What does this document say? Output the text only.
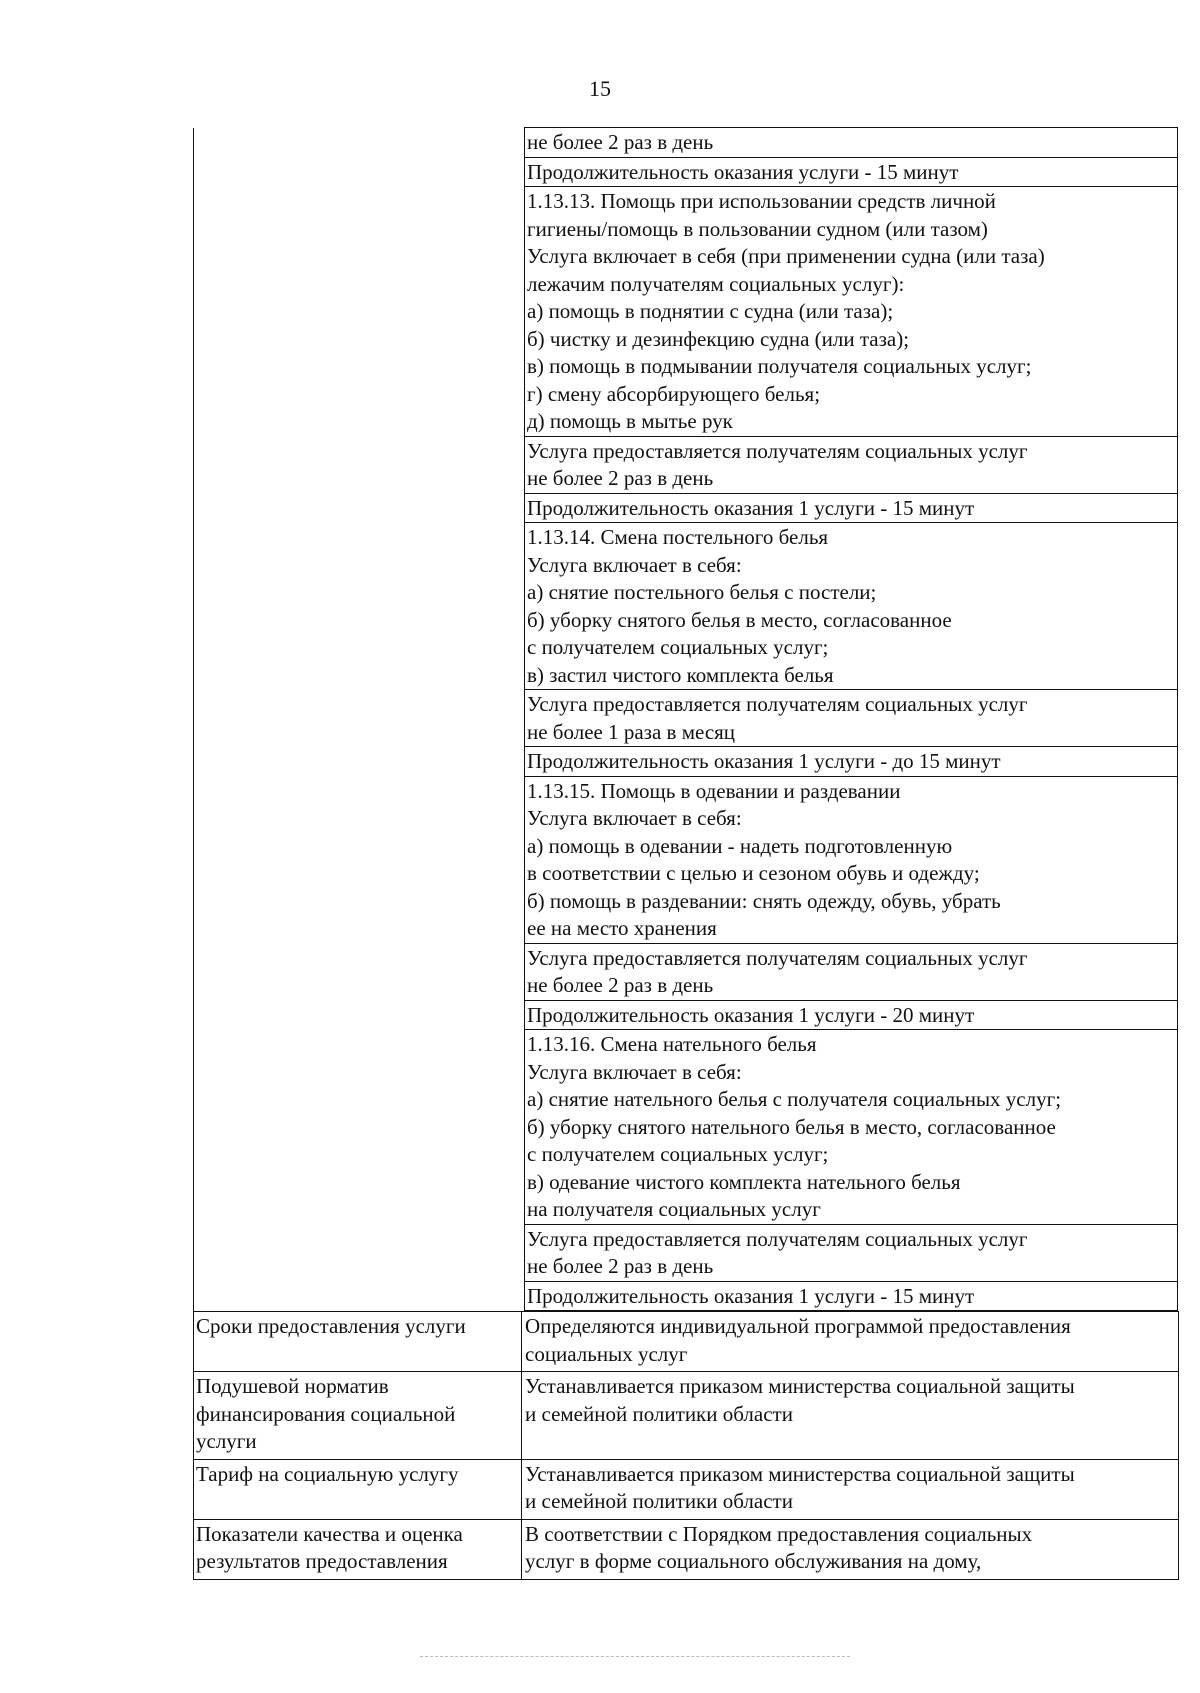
15
не более 2 раз в день
Продолжительность оказания услуги - 15 минут
1.13.13. Помощь при использовании средств личной
гигиены/помощь в пользовании судном (или тазом)
Услуга включает в себя (при применении судна (или таза)
лежачим получателям социальных услуг):
а) помощь в поднятии с судна (или таза);
б) чистку и дезинфекцию судна (или таза);
в) помощь в подмывании получателя социальных услуг;
г) смену абсорбирующего белья;
д) помощь в мытье рук
Услуга предоставляется получателям социальных услуг
не более 2 раз в день
Продолжительность оказания 1 услуги - 15 минут
1.13.14. Смена постельного белья
Услуга включает в себя:
а) снятие постельного белья с постели;
б) уборку снятого белья в место, согласованное
с получателем социальных услуг;
в) застил чистого комплекта белья
Услуга предоставляется получателям социальных услуг
не более 1 раза в месяц
Продолжительность оказания 1 услуги - до 15 минут
1.13.15. Помощь в одевании и раздевании
Услуга включает в себя:
а) помощь в одевании - надеть подготовленную
в соответствии с целью и сезоном обувь и одежду;
б) помощь в раздевании: снять одежду, обувь, убрать
ее на место хранения
Услуга предоставляется получателям социальных услуг
не более 2 раз в день
Продолжительность оказания 1 услуги - 20 минут
1.13.16. Смена нательного белья
Услуга включает в себя:
а) снятие нательного белья с получателя социальных услуг;
б) уборку снятого нательного белья в место, согласованное
с получателем социальных услуг;
в) одевание чистого комплекта нательного белья
на получателя социальных услуг
Услуга предоставляется получателям социальных услуг
не более 2 раз в день
Продолжительность оказания 1 услуги - 15 минут
Сроки предоставления услуги	Определяются индивидуальной программой предоставления
социальных услуг
Подушевой норматив
финансирования социальной
услуги
Устанавливается приказом министерства социальной защиты
и семейной политики области
Тариф на социальную услугу	Устанавливается приказом министерства социальной защиты
и семейной политики области
Показатели качества и оценка
результатов предоставления
В соответствии с Порядком предоставления социальных
услуг в форме социального обслуживания на дому,
